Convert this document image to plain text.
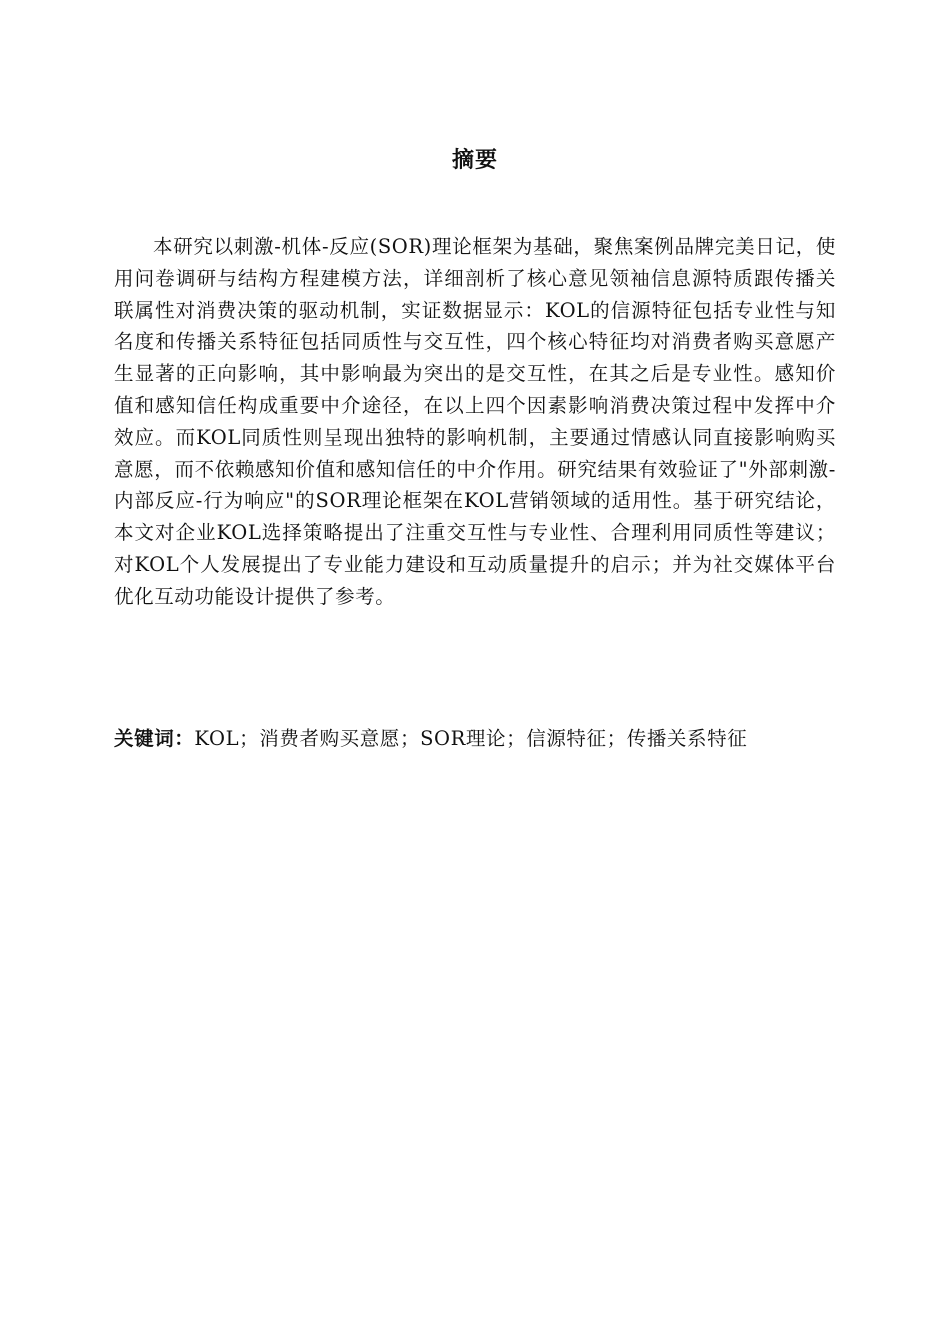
摘要

本研究以刺激-机体-反应(SOR)理论框架为基础，聚焦案例品牌完美日记，使用问卷调研与结构方程建模方法，详细剖析了核心意见领袖信息源特质跟传播关联属性对消费决策的驱动机制，实证数据显示：KOL的信源特征包括专业性与知名度和传播关系特征包括同质性与交互性，四个核心特征均对消费者购买意愿产生显著的正向影响，其中影响最为突出的是交互性，在其之后是专业性。感知价值和感知信任构成重要中介途径，在以上四个因素影响消费决策过程中发挥中介效应。而KOL同质性则呈现出独特的影响机制，主要通过情感认同直接影响购买意愿，而不依赖感知价值和感知信任的中介作用。研究结果有效验证了"外部刺激-内部反应-行为响应"的SOR理论框架在KOL营销领域的适用性。基于研究结论，本文对企业KOL选择策略提出了注重交互性与专业性、合理利用同质性等建议；对KOL个人发展提出了专业能力建设和互动质量提升的启示；并为社交媒体平台优化互动功能设计提供了参考。

关键词：KOL；消费者购买意愿；SOR理论；信源特征；传播关系特征
